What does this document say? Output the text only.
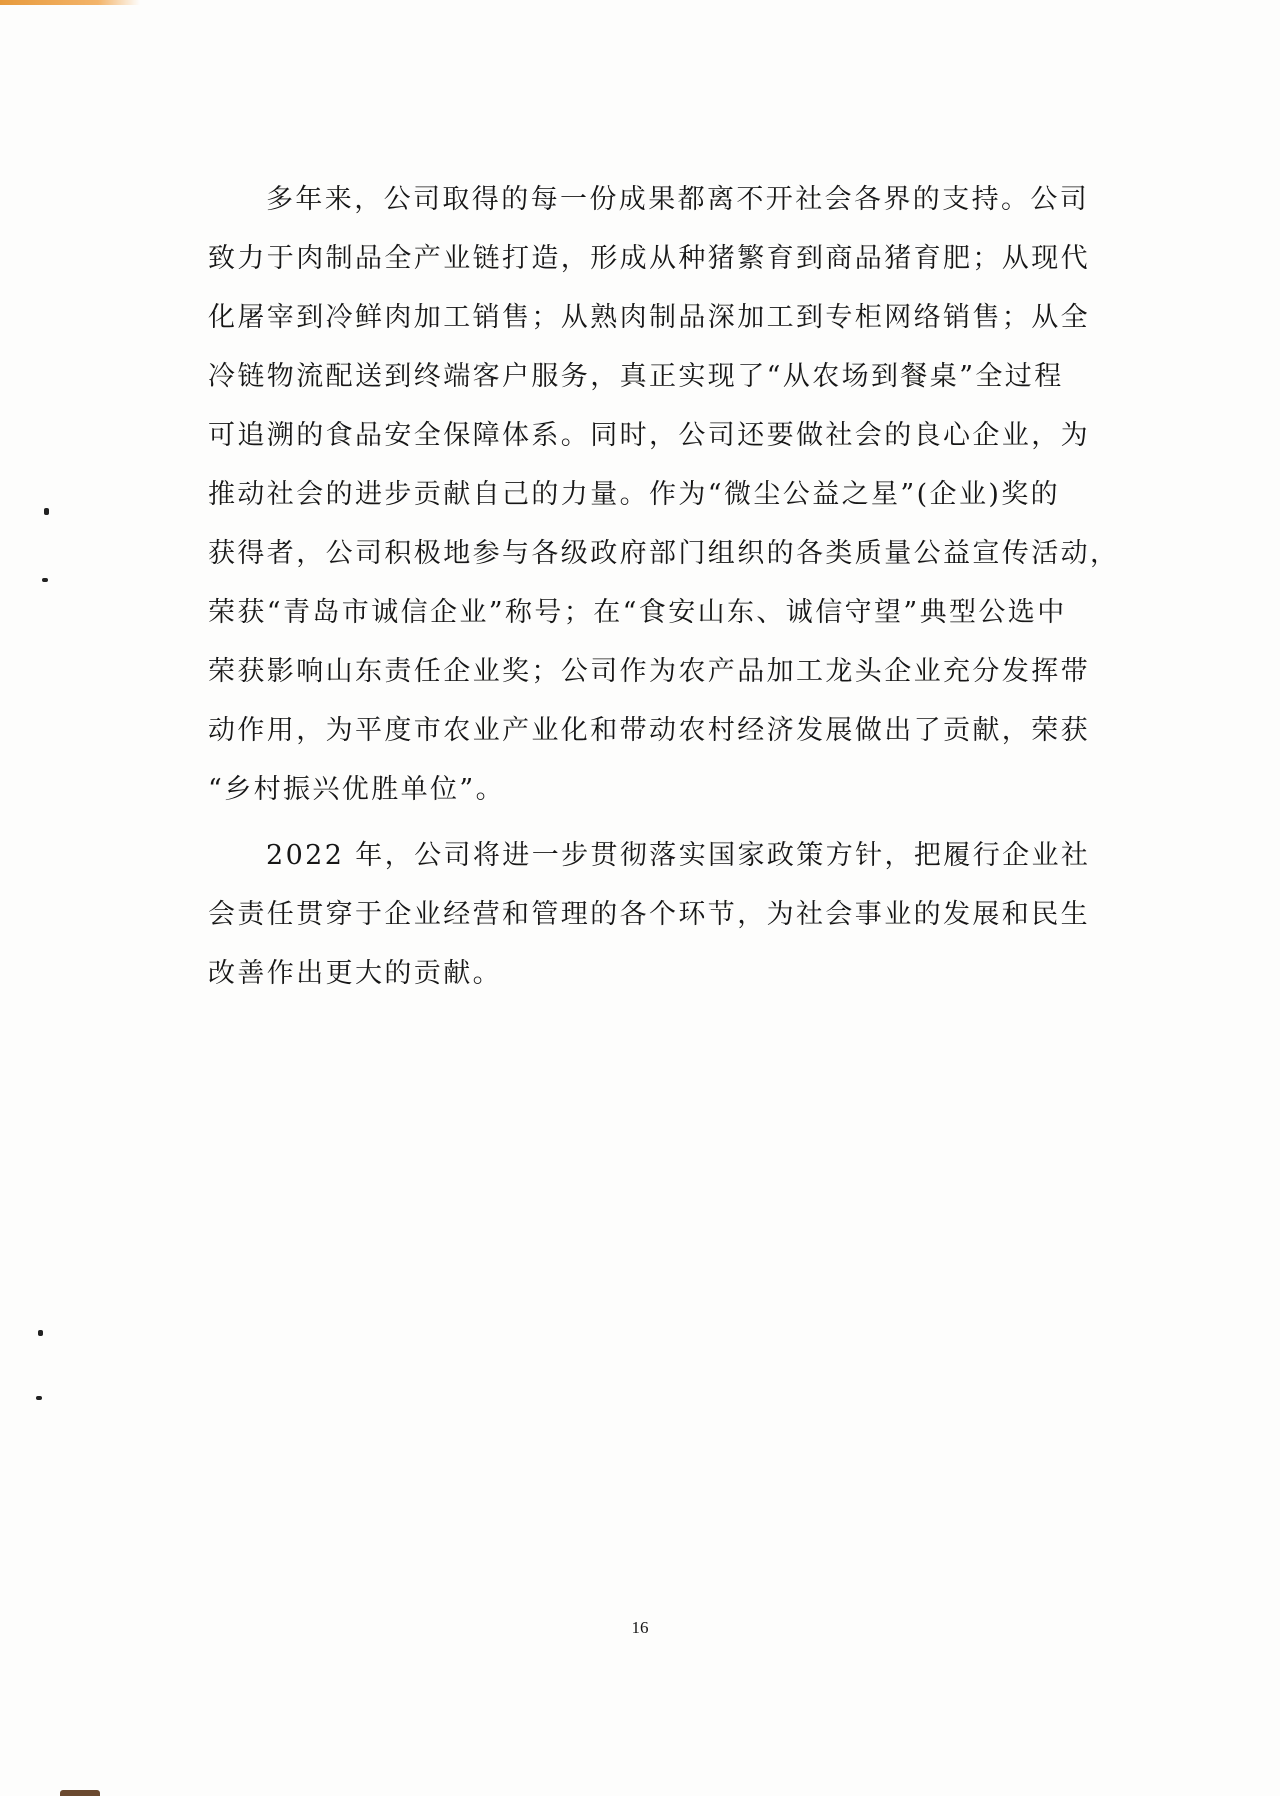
多年来，公司取得的每一份成果都离不开社会各界的支持。公司
致力于肉制品全产业链打造，形成从种猪繁育到商品猪育肥；从现代
化屠宰到冷鲜肉加工销售；从熟肉制品深加工到专柜网络销售；从全
冷链物流配送到终端客户服务，真正实现了“从农场到餐桌”全过程
可追溯的食品安全保障体系。同时，公司还要做社会的良心企业，为
推动社会的进步贡献自己的力量。作为“微尘公益之星”(企业)奖的
获得者，公司积极地参与各级政府部门组织的各类质量公益宣传活动，
荣获“青岛市诚信企业”称号；在“食安山东、诚信守望”典型公选中
荣获影响山东责任企业奖；公司作为农产品加工龙头企业充分发挥带
动作用，为平度市农业产业化和带动农村经济发展做出了贡献，荣获
“乡村振兴优胜单位”。
2022 年，公司将进一步贯彻落实国家政策方针，把履行企业社
会责任贯穿于企业经营和管理的各个环节，为社会事业的发展和民生
改善作出更大的贡献。
16
